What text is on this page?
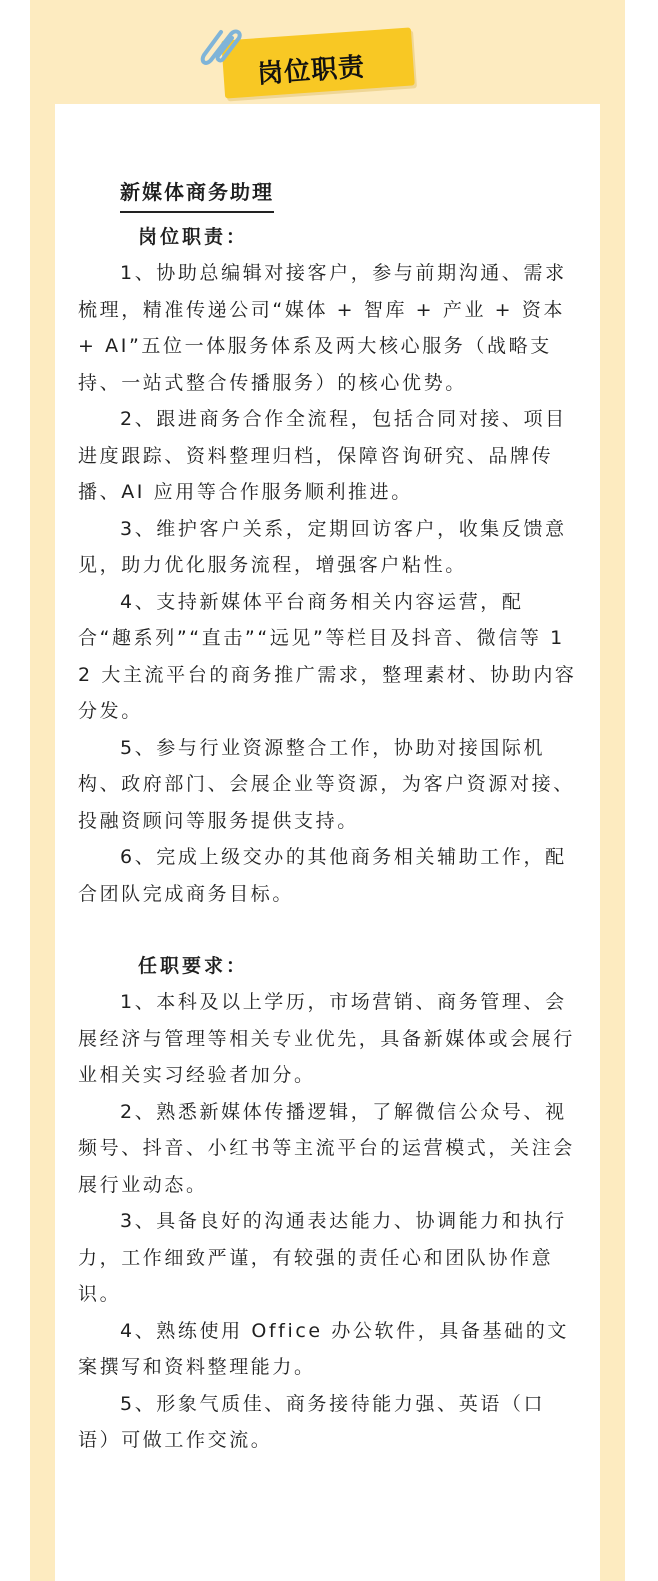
岗位职责
新媒体商务助理
岗位职责：

1、协助总编辑对接客户，参与前期沟通、需求梳理，精准传递公司“媒体 + 智库 + 产业 + 资本 + AI”五位一体服务体系及两大核心服务（战略支持、一站式整合传播服务）的核心优势。

2、跟进商务合作全流程，包括合同对接、项目进度跟踪、资料整理归档，保障咨询研究、品牌传播、AI 应用等合作服务顺利推进。

3、维护客户关系，定期回访客户，收集反馈意见，助力优化服务流程，增强客户粘性。

4、支持新媒体平台商务相关内容运营，配合“趣系列”“直击”“远见”等栏目及抖音、微信等 12 大主流平台的商务推广需求，整理素材、协助内容分发。

5、参与行业资源整合工作，协助对接国际机构、政府部门、会展企业等资源，为客户资源对接、投融资顾问等服务提供支持。

6、完成上级交办的其他商务相关辅助工作，配合团队完成商务目标。

任职要求：

1、本科及以上学历，市场营销、商务管理、会展经济与管理等相关专业优先，具备新媒体或会展行业相关实习经验者加分。

2、熟悉新媒体传播逻辑，了解微信公众号、视频号、抖音、小红书等主流平台的运营模式，关注会展行业动态。

3、具备良好的沟通表达能力、协调能力和执行力，工作细致严谨，有较强的责任心和团队协作意识。

4、熟练使用 Office 办公软件，具备基础的文案撰写和资料整理能力。

5、形象气质佳、商务接待能力强、英语（口语）可做工作交流。
